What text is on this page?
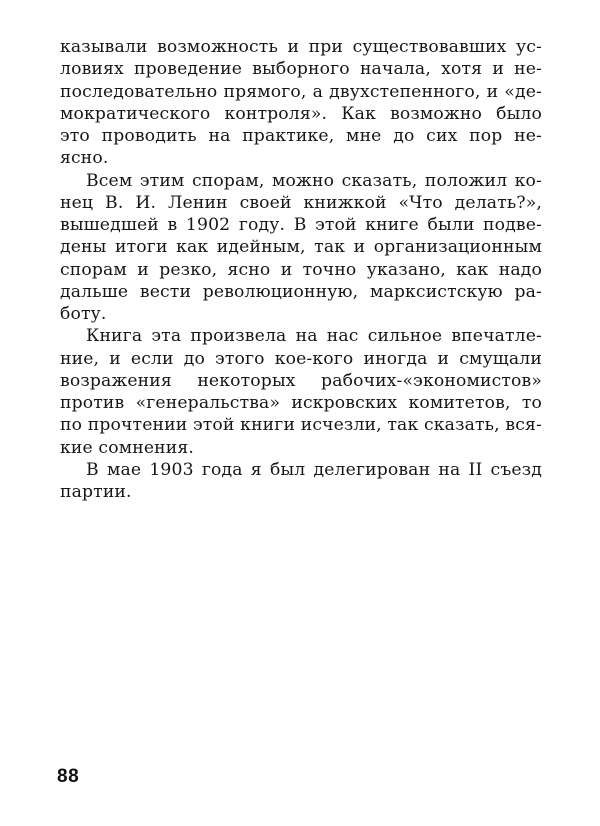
казывали возможность и при существовавших ус-
ловиях проведение выборного начала, хотя и не-
последовательно прямого, а двухстепенного, и «де-
мократического контроля». Как возможно было
это проводить на практике, мне до сих пор не-
ясно.
Всем этим спорам, можно сказать, положил ко-
нец В. И. Ленин своей книжкой «Что делать?»,
вышедшей в 1902 году. В этой книге были подве-
дены итоги как идейным, так и организационным
спорам и резко, ясно и точно указано, как надо
дальше вести революционную, марксистскую ра-
боту.
Книга эта произвела на нас сильное впечатле-
ние, и если до этого кое-кого иногда и смущали
возражения некоторых рабочих-«экономистов»
против «генеральства» искровских комитетов, то
по прочтении этой книги исчезли, так сказать, вся-
кие сомнения.
В мае 1903 года я был делегирован на II съезд
партии.
88
